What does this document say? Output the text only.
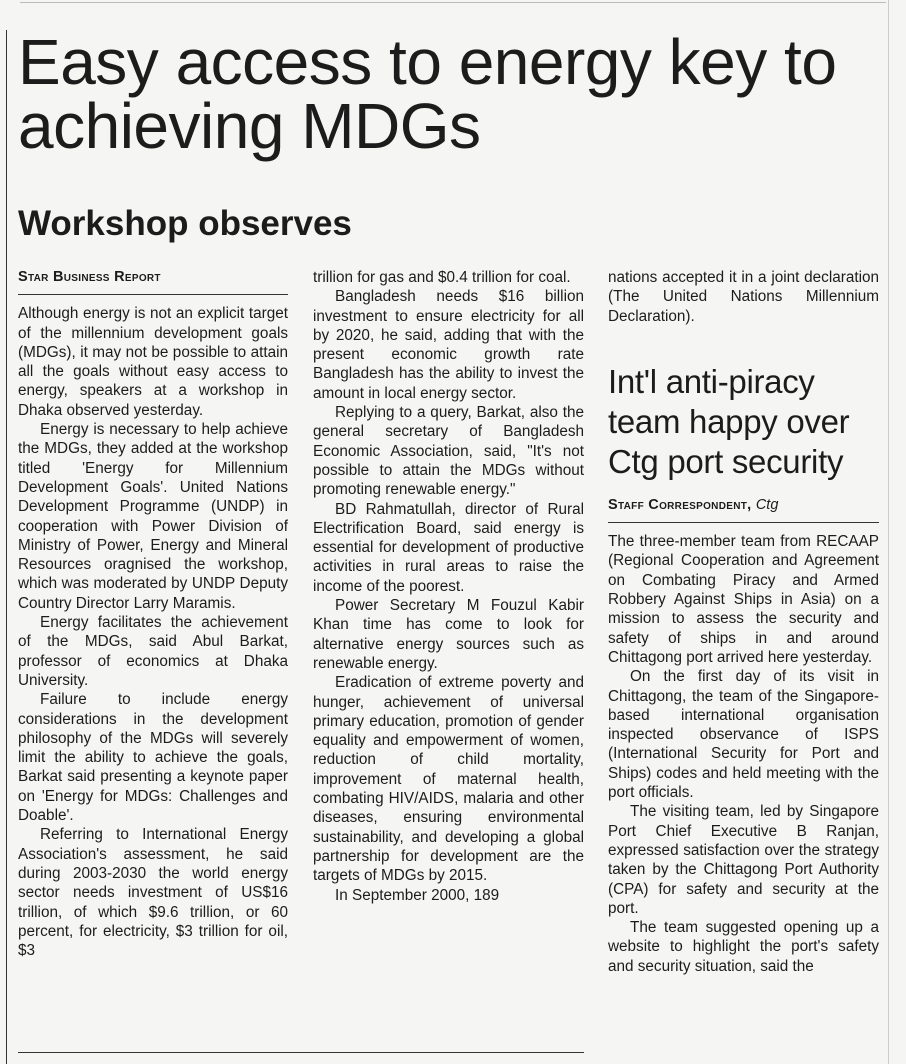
Easy access to energy key to achieving MDGs
Workshop observes
Star Business Report

Although energy is not an explicit target of the millennium development goals (MDGs), it may not be possible to attain all the goals without easy access to energy, speakers at a workshop in Dhaka observed yesterday.

Energy is necessary to help achieve the MDGs, they added at the workshop titled 'Energy for Millennium Development Goals'. United Nations Development Programme (UNDP) in cooperation with Power Division of Ministry of Power, Energy and Mineral Resources oragnised the workshop, which was moderated by UNDP Deputy Country Director Larry Maramis.

Energy facilitates the achievement of the MDGs, said Abul Barkat, professor of economics at Dhaka University.

Failure to include energy considerations in the development philosophy of the MDGs will severely limit the ability to achieve the goals, Barkat said presenting a keynote paper on 'Energy for MDGs: Challenges and Doable'.

Referring to International Energy Association's assessment, he said during 2003-2030 the world energy sector needs investment of US$16 trillion, of which $9.6 trillion, or 60 percent, for electricity, $3 trillion for oil, $3

trillion for gas and $0.4 trillion for coal.

Bangladesh needs $16 billion investment to ensure electricity for all by 2020, he said, adding that with the present economic growth rate Bangladesh has the ability to invest the amount in local energy sector.

Replying to a query, Barkat, also the general secretary of Bangladesh Economic Association, said, "It's not possible to attain the MDGs without promoting renewable energy."

BD Rahmatullah, director of Rural Electrification Board, said energy is essential for development of productive activities in rural areas to raise the income of the poorest.

Power Secretary M Fouzul Kabir Khan time has come to look for alternative energy sources such as renewable energy.

Eradication of extreme poverty and hunger, achievement of universal primary education, promotion of gender equality and empowerment of women, reduction of child mortality, improvement of maternal health, combating HIV/AIDS, malaria and other diseases, ensuring environmental sustainability, and developing a global partnership for development are the targets of MDGs by 2015.

In September 2000, 189

nations accepted it in a joint declaration (The United Nations Millennium Declaration).

Int'l anti-piracy team happy over Ctg port security
Staff Correspondent, Ctg

The three-member team from RECAAP (Regional Cooperation and Agreement on Combating Piracy and Armed Robbery Against Ships in Asia) on a mission to assess the security and safety of ships in and around Chittagong port arrived here yesterday.

On the first day of its visit in Chittagong, the team of the Singapore-based international organisation inspected observance of ISPS (International Security for Port and Ships) codes and held meeting with the port officials.

The visiting team, led by Singapore Port Chief Executive B Ranjan, expressed satisfaction over the strategy taken by the Chittagong Port Authority (CPA) for safety and security at the port.

The team suggested opening up a website to highlight the port's safety and security situation, said the
